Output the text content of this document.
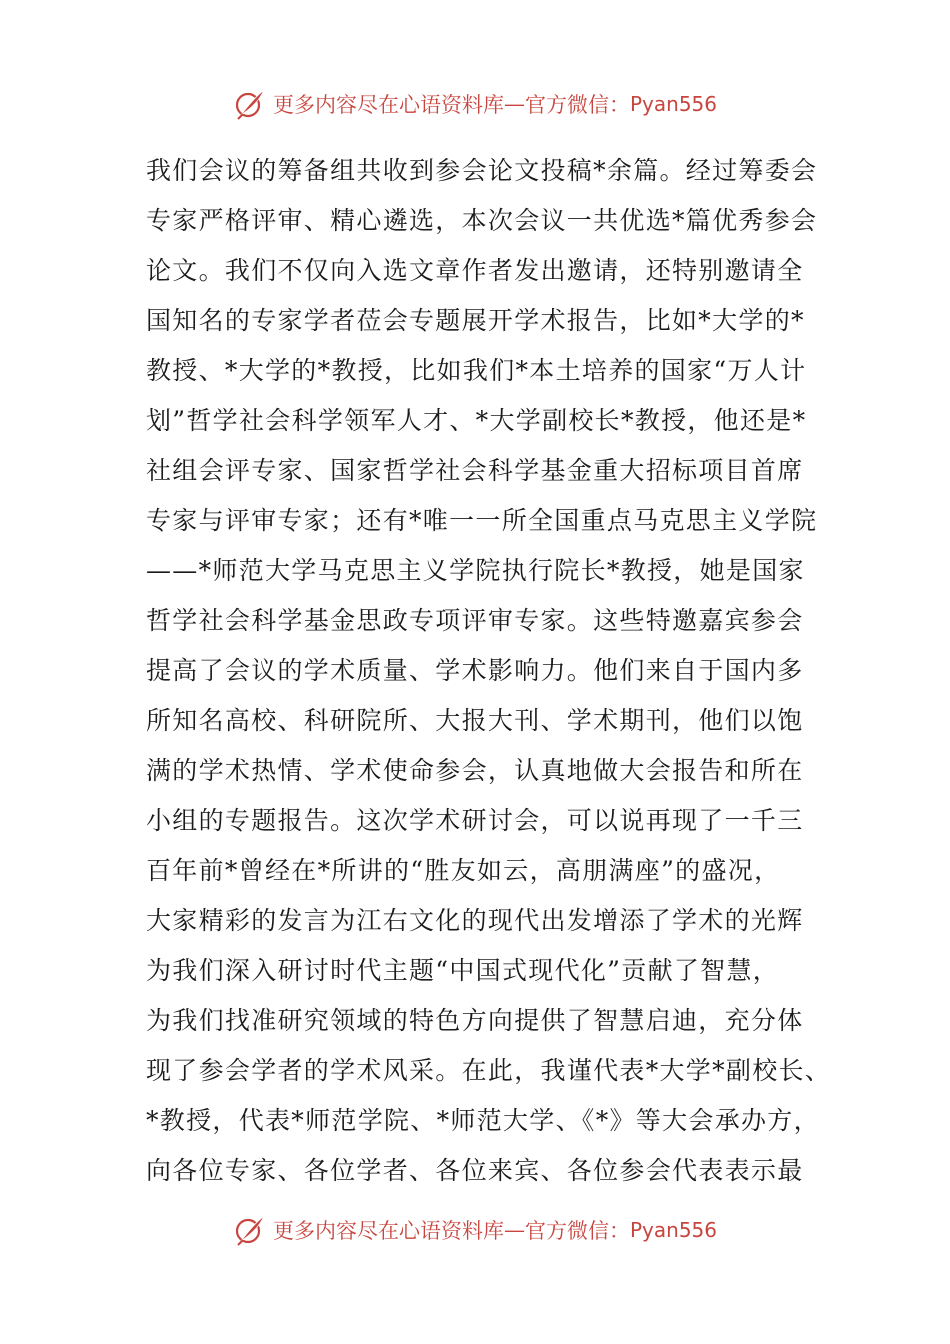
更多内容尽在心语资料库 — 官方微信： Pyan556
我们会议的筹备组共收到参会论文投稿*余篇。经过筹委会
专家严格评审、精心遴选，本次会议一共优选*篇优秀参会
论文。我们不仅向入选文章作者发出邀请，还特别邀请全
国知名的专家学者莅会专题展开学术报告，比如*大学的*
教授、*大学的*教授，比如我们*本土培养的国家“万人计
划”哲学社会科学领军人才、*大学副校长*教授，他还是*
社组会评专家、国家哲学社会科学基金重大招标项目首席
专家与评审专家；还有*唯一一所全国重点马克思主义学院
——*师范大学马克思主义学院执行院长*教授，她是国家
哲学社会科学基金思政专项评审专家。这些特邀嘉宾参会
提高了会议的学术质量、学术影响力。他们来自于国内多
所知名高校、科研院所、大报大刊、学术期刊，他们以饱
满的学术热情、学术使命参会，认真地做大会报告和所在
小组的专题报告。这次学术研讨会，可以说再现了一千三
百年前*曾经在*所讲的“胜友如云，高朋满座”的盛况，
大家精彩的发言为江右文化的现代出发增添了学术的光辉
为我们深入研讨时代主题“中国式现代化”贡献了智慧，
为我们找准研究领域的特色方向提供了智慧启迪，充分体
现了参会学者的学术风采。在此，我谨代表*大学*副校长、
*教授，代表*师范学院、*师范大学、《*》等大会承办方，
向各位专家、各位学者、各位来宾、各位参会代表表示最
更多内容尽在心语资料库 — 官方微信： Pyan556
